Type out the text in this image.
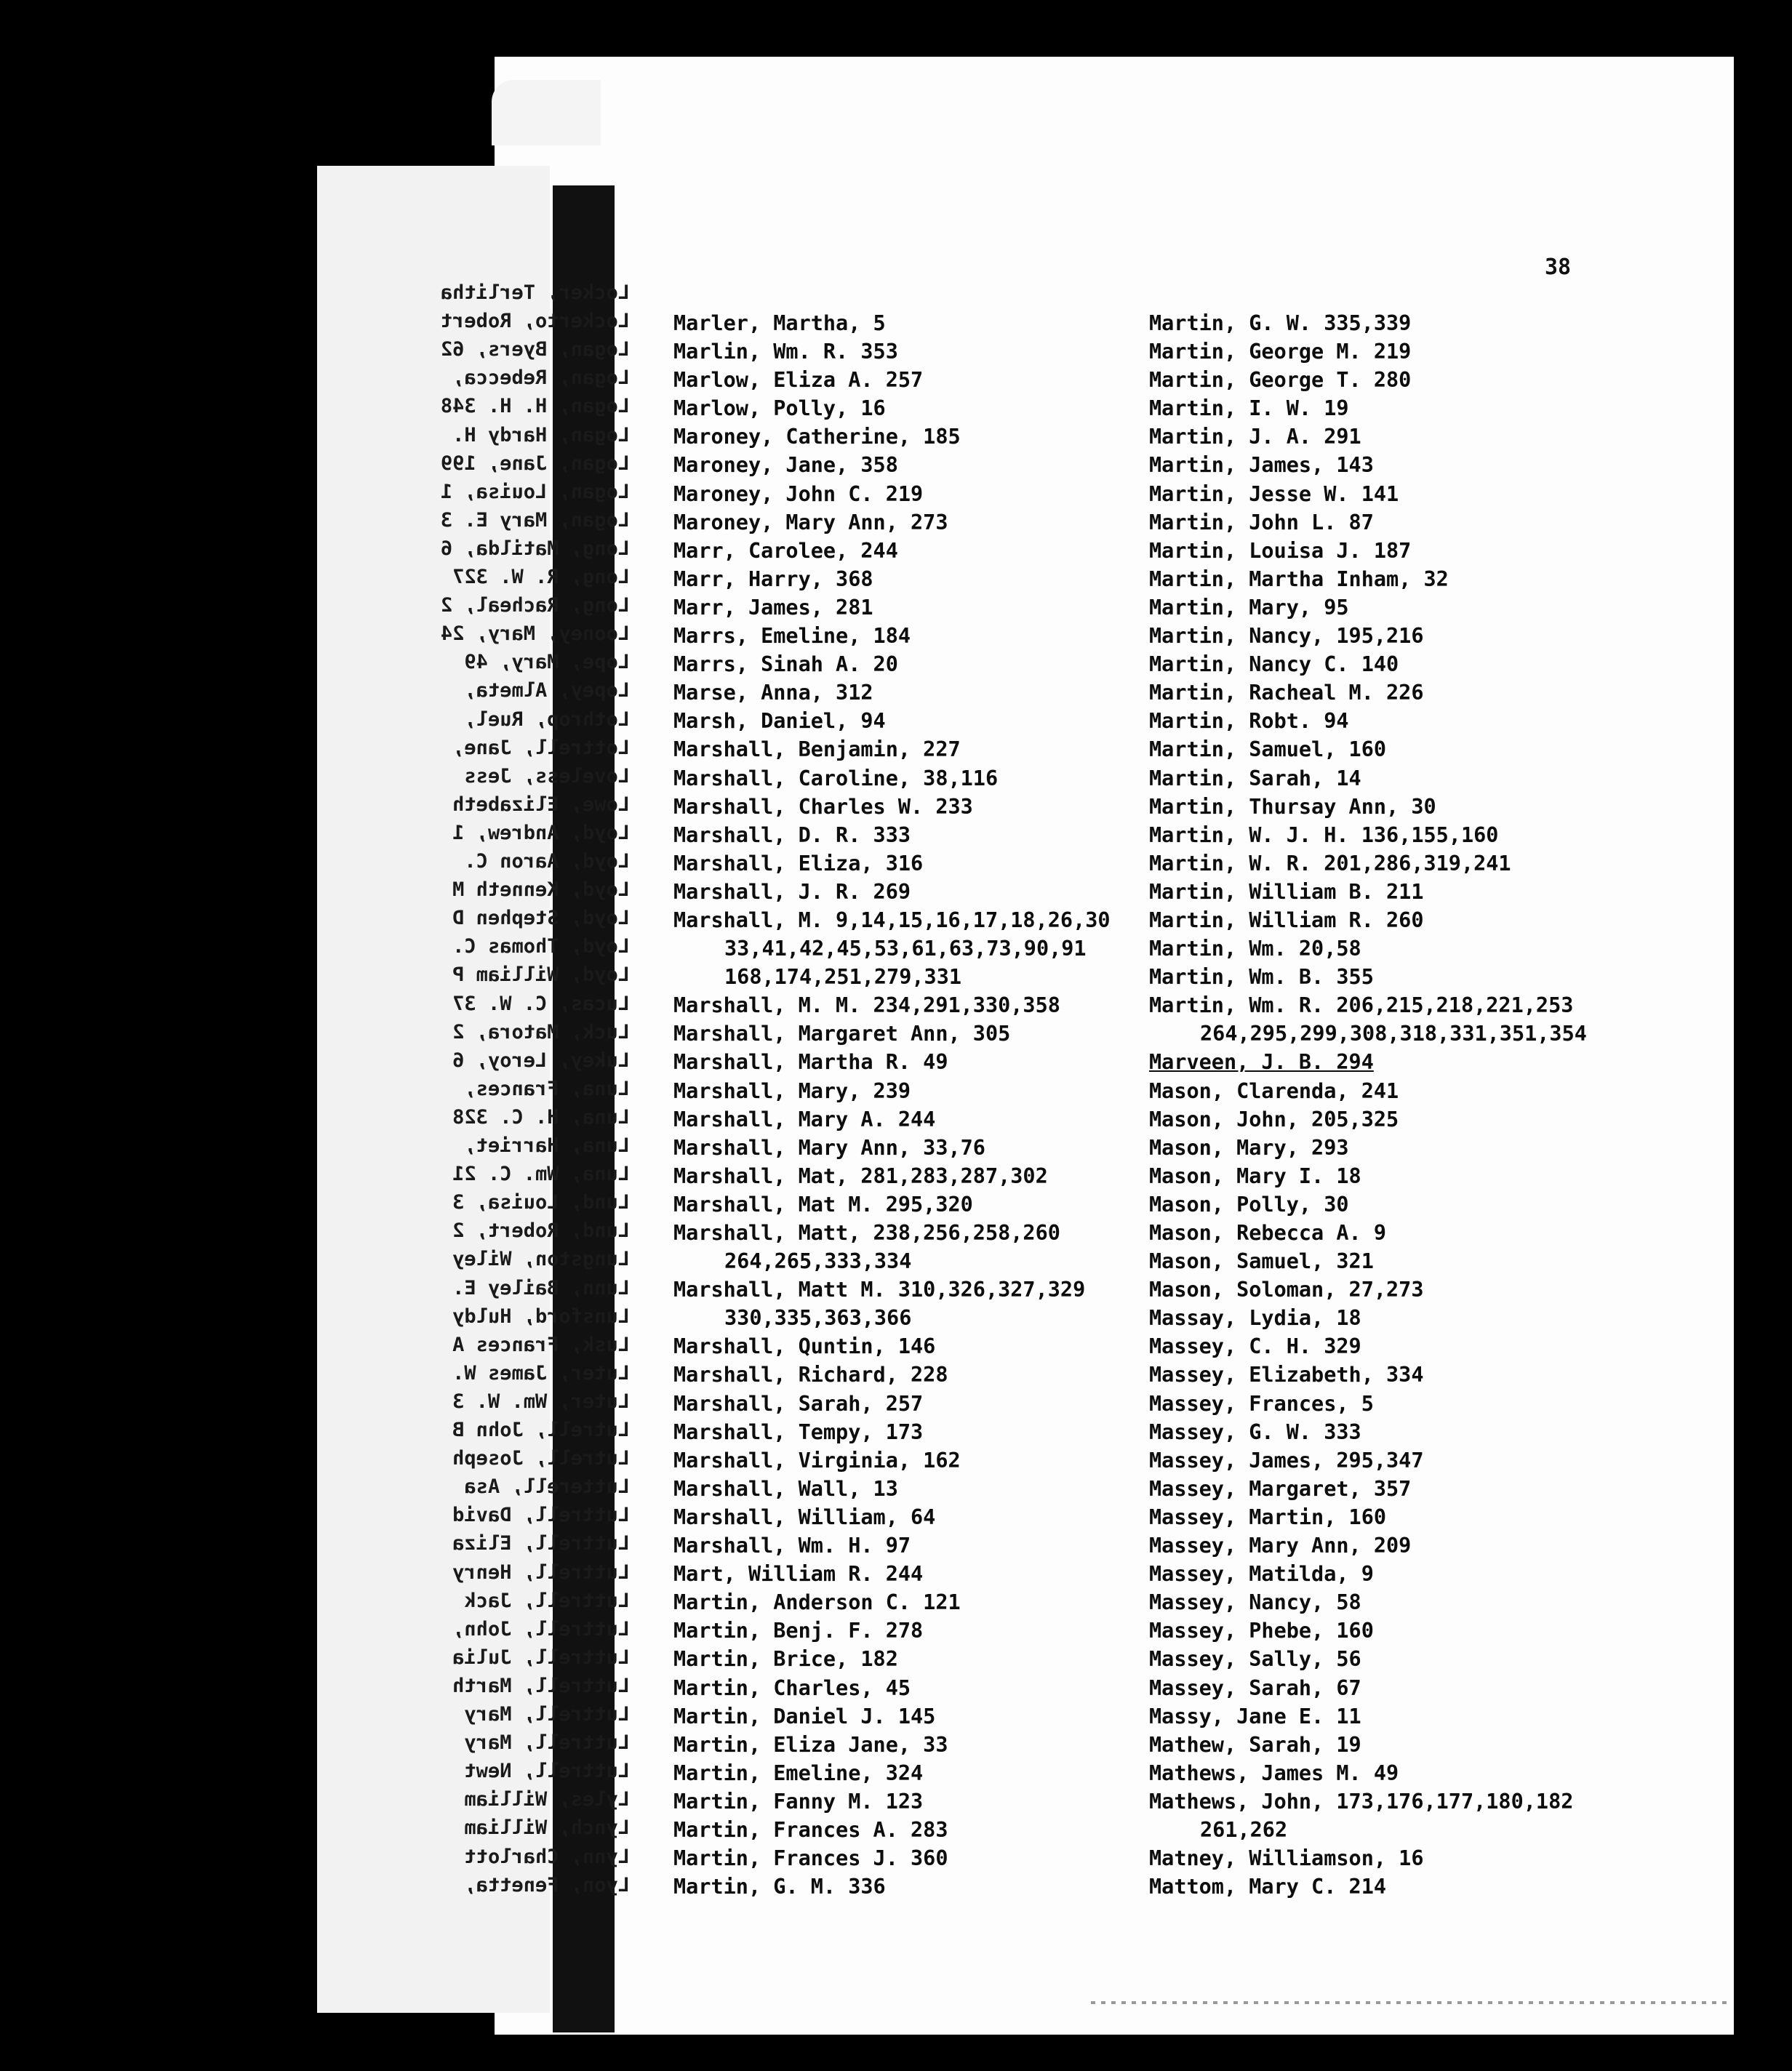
Locker, Terlitha
Lockerto, Robert
Logan, Byers, 62
Logan, Rebecca,
Logan, H. H. 348
Logan, Hardy H.
Logan, Jane, 199
Logan, Louisa, 1
Logan, Mary E. 3
Long, Matilda, 6
Long, R. W. 327
Long, Racheal, 2
Looney, Mary, 24
Lope, Mary, 49
Lopey, Almeta,
Lothrop, Ruel,
Lottrell, Jane,
Loveless, Jess
Lowe, Elizabeth
Loyd, Andrew, 1
Loyd, Aaron C.
Loyd, Kenneth M
Loyd, Stephen D
Loyd, Thomas C.
Loyd, William P
Lucas, C. W. 37
Luck, Matora, 2
Lukey, Leroy, 6
Luna, Frances,
Luna, H. C. 328
Luna, Harriet,
Luna, Wm. C. 21
Lund, Louisa, 3
Lund, Robert, 2
Lungston, Wiley
Lunn, Bailey E.
Lunsford, Huldy
Lusk, Frances A
Luter, James W.
Luter, Wm. W. 3
Lutrell, John B
Lutrell, Joseph
Lutterell, Asa
Luttrell, David
Luttrell, Eliza
Luttrell, Henry
Luttrell, Jack
Luttrell, John,
Luttrell, Julia
Luttrell, Marth
Luttrell, Mary
Luttrell, Mary
Luttrell, Newt
Lyles, William
Lynch, William
Lynn, Charlott
Lyon, Fenetta,
38
Marler, Martha, 5
Marlin, Wm. R. 353
Marlow, Eliza A. 257
Marlow, Polly, 16
Maroney, Catherine, 185
Maroney, Jane, 358
Maroney, John C. 219
Maroney, Mary Ann, 273
Marr, Carolee, 244
Marr, Harry, 368
Marr, James, 281
Marrs, Emeline, 184
Marrs, Sinah A. 20
Marse, Anna, 312
Marsh, Daniel, 94
Marshall, Benjamin, 227
Marshall, Caroline, 38,116
Marshall, Charles W. 233
Marshall, D. R. 333
Marshall, Eliza, 316
Marshall, J. R. 269
Marshall, M. 9,14,15,16,17,18,26,30
33,41,42,45,53,61,63,73,90,91
168,174,251,279,331
Marshall, M. M. 234,291,330,358
Marshall, Margaret Ann, 305
Marshall, Martha R. 49
Marshall, Mary, 239
Marshall, Mary A. 244
Marshall, Mary Ann, 33,76
Marshall, Mat, 281,283,287,302
Marshall, Mat M. 295,320
Marshall, Matt, 238,256,258,260
264,265,333,334
Marshall, Matt M. 310,326,327,329
330,335,363,366
Marshall, Quntin, 146
Marshall, Richard, 228
Marshall, Sarah, 257
Marshall, Tempy, 173
Marshall, Virginia, 162
Marshall, Wall, 13
Marshall, William, 64
Marshall, Wm. H. 97
Mart, William R. 244
Martin, Anderson C. 121
Martin, Benj. F. 278
Martin, Brice, 182
Martin, Charles, 45
Martin, Daniel J. 145
Martin, Eliza Jane, 33
Martin, Emeline, 324
Martin, Fanny M. 123
Martin, Frances A. 283
Martin, Frances J. 360
Martin, G. M. 336
Martin, G. W. 335,339
Martin, George M. 219
Martin, George T. 280
Martin, I. W. 19
Martin, J. A. 291
Martin, James, 143
Martin, Jesse W. 141
Martin, John L. 87
Martin, Louisa J. 187
Martin, Martha Inham, 32
Martin, Mary, 95
Martin, Nancy, 195,216
Martin, Nancy C. 140
Martin, Racheal M. 226
Martin, Robt. 94
Martin, Samuel, 160
Martin, Sarah, 14
Martin, Thursay Ann, 30
Martin, W. J. H. 136,155,160
Martin, W. R. 201,286,319,241
Martin, William B. 211
Martin, William R. 260
Martin, Wm. 20,58
Martin, Wm. B. 355
Martin, Wm. R. 206,215,218,221,253
264,295,299,308,318,331,351,354
Marveen, J. B. 294
Mason, Clarenda, 241
Mason, John, 205,325
Mason, Mary, 293
Mason, Mary I. 18
Mason, Polly, 30
Mason, Rebecca A. 9
Mason, Samuel, 321
Mason, Soloman, 27,273
Massay, Lydia, 18
Massey, C. H. 329
Massey, Elizabeth, 334
Massey, Frances, 5
Massey, G. W. 333
Massey, James, 295,347
Massey, Margaret, 357
Massey, Martin, 160
Massey, Mary Ann, 209
Massey, Matilda, 9
Massey, Nancy, 58
Massey, Phebe, 160
Massey, Sally, 56
Massey, Sarah, 67
Massy, Jane E. 11
Mathew, Sarah, 19
Mathews, James M. 49
Mathews, John, 173,176,177,180,182
261,262
Matney, Williamson, 16
Mattom, Mary C. 214
